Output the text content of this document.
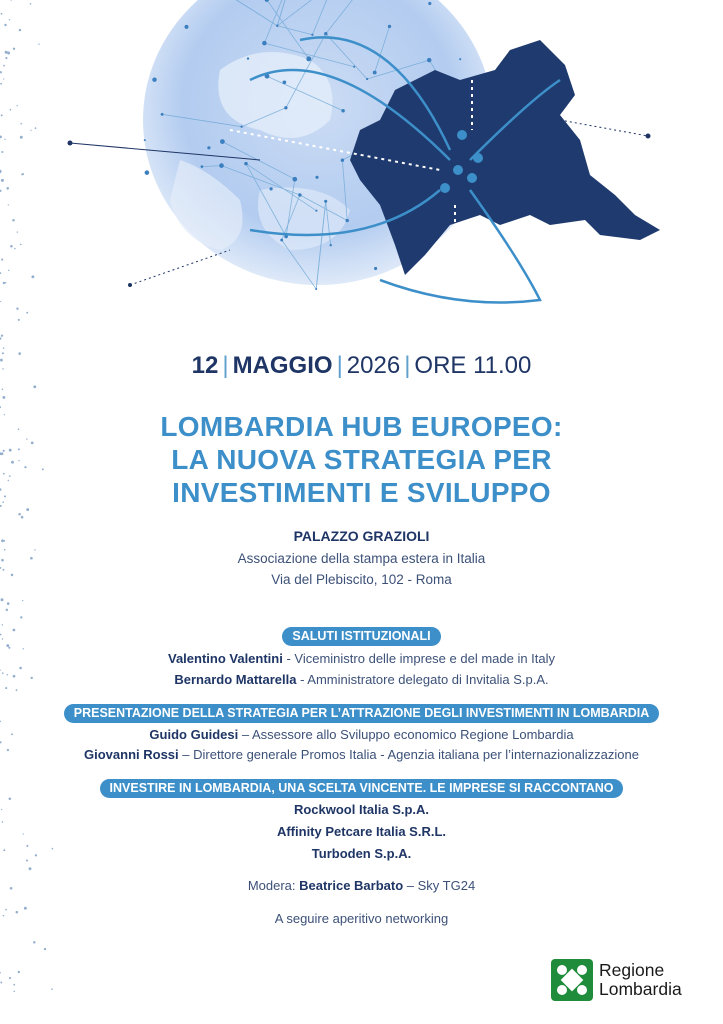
12 | MAGGIO | 2026 | ORE 11.00
LOMBARDIA HUB EUROPEO:
LA NUOVA STRATEGIA PER
INVESTIMENTI E SVILUPPO
PALAZZO GRAZIOLI
Associazione della stampa estera in Italia
Via del Plebiscito, 102 - Roma
SALUTI ISTITUZIONALI
Valentino Valentini - Viceministro delle imprese e del made in Italy
Bernardo Mattarella - Amministratore delegato di Invitalia S.p.A.
PRESENTAZIONE DELLA STRATEGIA PER L’ATTRAZIONE DEGLI INVESTIMENTI IN LOMBARDIA
Guido Guidesi – Assessore allo Sviluppo economico Regione Lombardia
Giovanni Rossi – Direttore generale Promos Italia - Agenzia italiana per l’internazionalizzazione
INVESTIRE IN LOMBARDIA, UNA SCELTA VINCENTE. LE IMPRESE SI RACCONTANO
Rockwool Italia S.p.A.
Affinity Petcare Italia S.R.L.
Turboden S.p.A.
Modera: Beatrice Barbato – Sky TG24
A seguire aperitivo networking
Regione
Lombardia
